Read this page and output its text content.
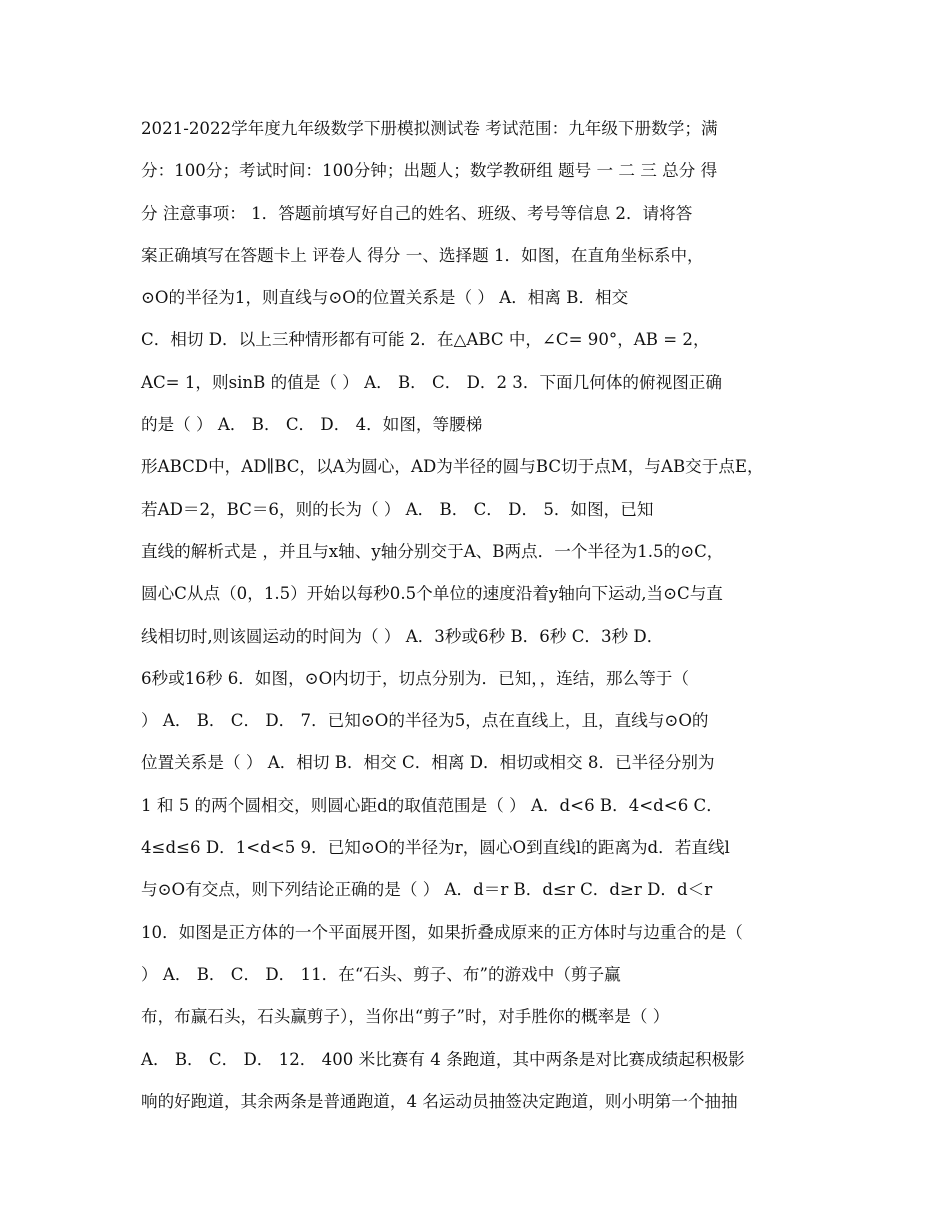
2021-2022学年度九年级数学下册模拟测试卷 考试范围：九年级下册数学；满
分：100分；考试时间：100分钟；出题人；数学教研组 题号 一 二 三 总分 得
分 注意事项： 1．答题前填写好自己的姓名、班级、考号等信息 2．请将答
案正确填写在答题卡上 评卷人 得分 一、选择题 1．如图，在直角坐标系中，
⊙O的半径为1，则直线与⊙O的位置关系是（ ） A．相离 B．相交
C．相切 D．以上三种情形都有可能 2．在△ABC 中，∠C= 90°，AB = 2，
AC= 1，则sinB 的值是（ ） A． B． C． D．2 3．下面几何体的俯视图正确
的是（ ） A． B． C． D． 4．如图，等腰梯
形ABCD中，AD∥BC，以A为圆心，AD为半径的圆与BC切于点M，与AB交于点E，
若AD＝2，BC＝6，则的长为（ ） A． B． C． D． 5．如图，已知
直线的解析式是 ，并且与x轴、y轴分别交于A、B两点．一个半径为1.5的⊙C，
圆心C从点（0，1.5）开始以每秒0.5个单位的速度沿着y轴向下运动,当⊙C与直
线相切时,则该圆运动的时间为（ ） A．3秒或6秒 B．6秒 C．3秒 D．
6秒或16秒 6．如图，⊙O内切于，切点分别为．已知，，连结，那么等于（
） A． B． C． D． 7．已知⊙O的半径为5，点在直线上，且，直线与⊙O的
位置关系是（ ） A．相切 B．相交 C．相离 D．相切或相交 8．已半径分别为
1 和 5 的两个圆相交，则圆心距d的取值范围是（ ） A．d<6 B．4<d<6 C．
4≤d≤6 D．1<d<5 9．已知⊙O的半径为r，圆心O到直线l的距离为d．若直线l
与⊙O有交点，则下列结论正确的是（ ） A．d＝r B．d≤r C．d≥r D．d＜r
10．如图是正方体的一个平面展开图，如果折叠成原来的正方体时与边重合的是（
） A． B． C． D． 11．在“石头、剪子、布”的游戏中（剪子赢
布，布赢石头，石头赢剪子），当你出“剪子”时，对手胜你的概率是（ ）
A． B． C． D． 12． 400 米比赛有 4 条跑道，其中两条是对比赛成绩起积极影
响的好跑道，其余两条是普通跑道，4 名运动员抽签决定跑道，则小明第一个抽抽
